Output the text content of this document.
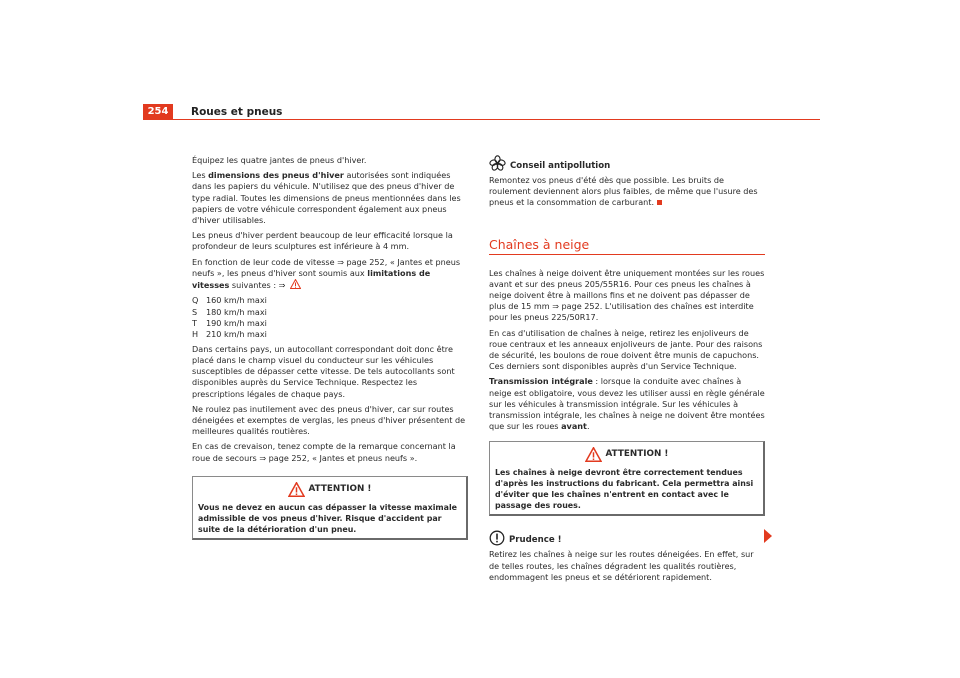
254	Roues et pneus

Équipez les quatre jantes de pneus d'hiver.

Les dimensions des pneus d'hiver autorisées sont indiquées dans les papiers du véhicule. N'utilisez que des pneus d'hiver de type radial. Toutes les dimensions de pneus mentionnées dans les papiers de votre véhicule correspondent également aux pneus d'hiver utilisables.

Les pneus d'hiver perdent beaucoup de leur efficacité lorsque la profondeur de leurs sculptures est inférieure à 4 mm.

En fonction de leur code de vitesse ⇒ page 252, « Jantes et pneus neufs », les pneus d'hiver sont soumis aux limitations de vitesses suivantes : ⇒

Q 160 km/h maxi
S	180 km/h maxi
T	190 km/h maxi
H 210 km/h maxi

Dans certains pays, un autocollant correspondant doit donc être placé dans le champ visuel du conducteur sur les véhicules susceptibles de dépasser cette vitesse. De tels autocollants sont disponibles auprès du Service Technique. Respectez les prescriptions légales de chaque pays.

Ne roulez pas inutilement avec des pneus d'hiver, car sur routes déneigées et exemptes de verglas, les pneus d'hiver présentent de meilleures qualités routières.

En cas de crevaison, tenez compte de la remarque concernant la roue de secours ⇒ page 252, « Jantes et pneus neufs ».

ATTENTION !

Vous ne devez en aucun cas dépasser la vitesse maximale admissible de vos pneus d'hiver. Risque d'accident par suite de la détérioration d'un pneu.

Conseil antipollution

Remontez vos pneus d'été dès que possible. Les bruits de roulement deviennent alors plus faibles, de même que l'usure des pneus et la consommation de carburant.

Chaînes à neige

Les chaînes à neige doivent être uniquement montées sur les roues avant et sur des pneus 205/55R16. Pour ces pneus les chaînes à neige doivent être à maillons fins et ne doivent pas dépasser de plus de 15 mm ⇒ page 252. L'utilisation des chaînes est interdite pour les pneus 225/50R17.

En cas d'utilisation de chaînes à neige, retirez les enjoliveurs de roue centraux et les anneaux enjoliveurs de jante. Pour des raisons de sécurité, les boulons de roue doivent être munis de capuchons. Ces derniers sont disponibles auprès d'un Service Technique.

Transmission intégrale : lorsque la conduite avec chaînes à neige est obligatoire, vous devez les utiliser aussi en règle générale sur les véhicules à transmission intégrale. Sur les véhicules à transmission intégrale, les chaînes à neige ne doivent être montées que sur les roues avant.

ATTENTION !

Les chaînes à neige devront être correctement tendues d'après les instructions du fabricant. Cela permettra ainsi d'éviter que les chaînes n'entrent en contact avec le passage des roues.

Prudence !

Retirez les chaînes à neige sur les routes déneigées. En effet, sur de telles routes, les chaînes dégradent les qualités routières, endommagent les pneus et se détériorent rapidement.
